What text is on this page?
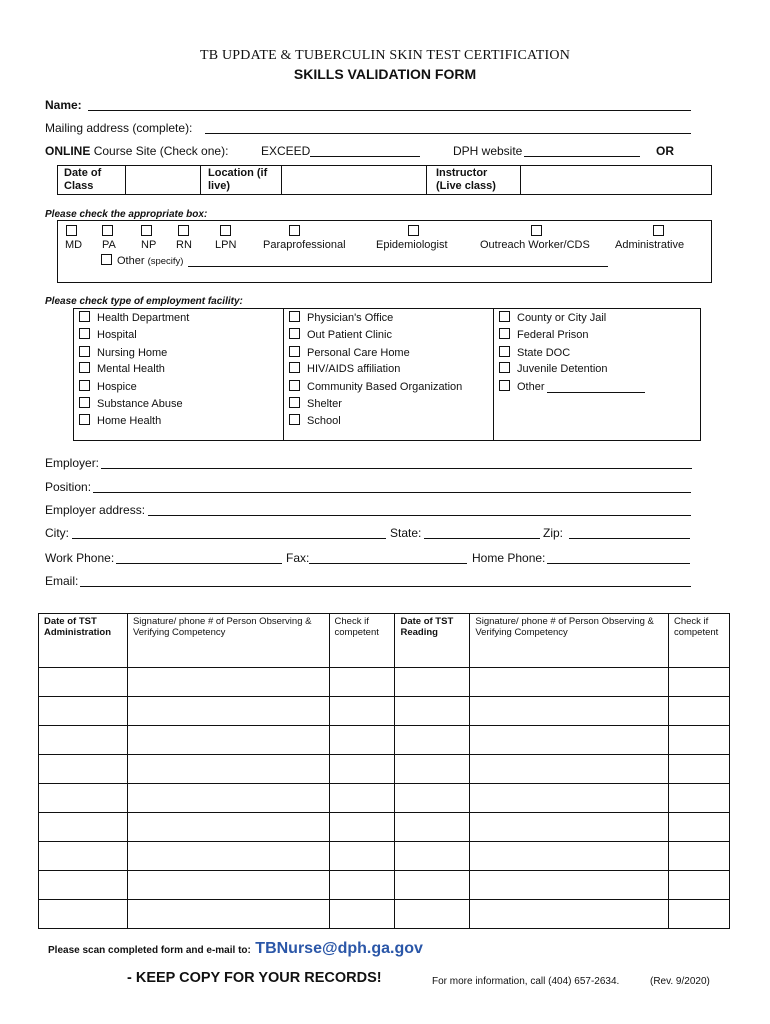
TB UPDATE & TUBERCULIN SKIN TEST CERTIFICATION
SKILLS VALIDATION FORM
Name:
Mailing address (complete):
ONLINE Course Site (Check one):	EXCEED	DPH website	OR
Date of Class
Location (if live)
Instructor (Live class)
Please check the appropriate box:
MD PA NP RN LPN Paraprofessional	Epidemiologist	Outreach Worker/CDS Administrative
Other (specify)
Please check type of employment facility:
Health Department
Hospital
Nursing Home
Mental Health
Hospice
Substance Abuse
Home Health
Physician's Office
Out Patient Clinic
Personal Care Home
HIV/AIDS affiliation
Community Based Organization
Shelter
School
County or City Jail
Federal Prison
State DOC
Juvenile Detention
Other
Employer:
Position:
Employer address:
City:	State:	Zip:
Work Phone:	Fax:	Home Phone:
Email:
Date of TST Administration	Signature/ phone # of Person Observing & Verifying Competency	Check if competent	Date of TST Reading	Signature/ phone # of Person Observing & Verifying Competency	Check if competent

Please scan completed form and e-mail to: TBNurse@dph.ga.gov
- KEEP COPY FOR YOUR RECORDS!	For more information, call (404) 657-2634.	(Rev. 9/2020)
